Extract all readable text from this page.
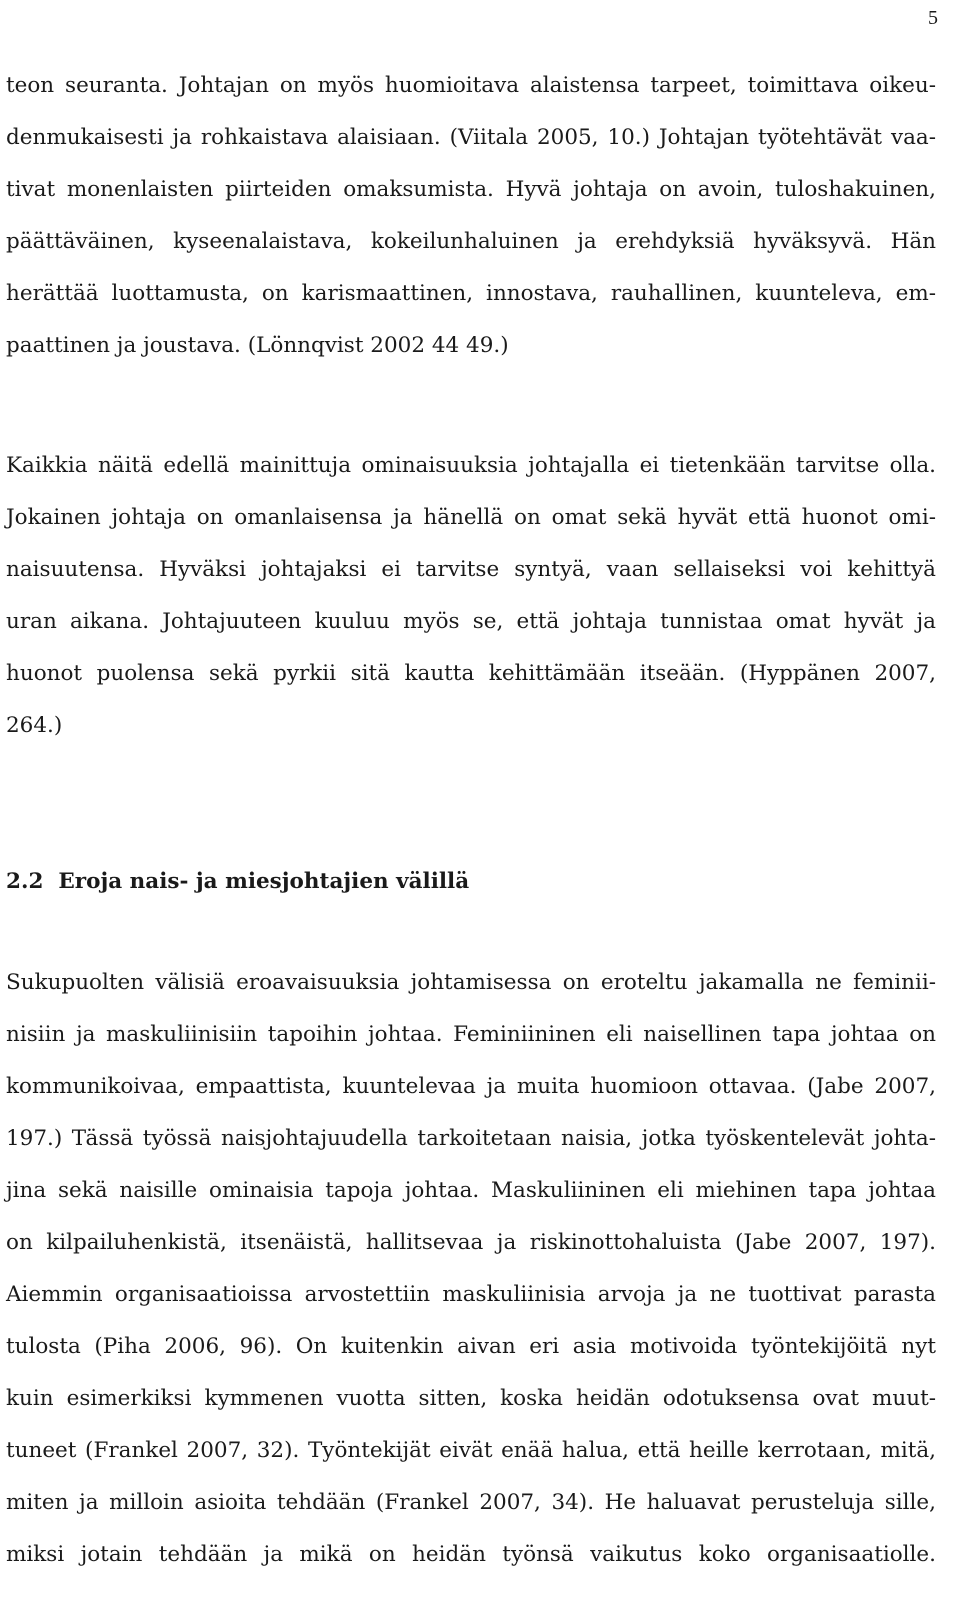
5
teon seuranta. Johtajan on myös huomioitava alaistensa tarpeet, toimittava oikeu-
denmukaisesti ja rohkaistava alaisiaan. (Viitala 2005, 10.) Johtajan työtehtävät vaa-
tivat monenlaisten piirteiden omaksumista. Hyvä johtaja on avoin, tuloshakuinen,
päättäväinen, kyseenalaistava, kokeilunhaluinen ja erehdyksiä hyväksyvä. Hän
herättää luottamusta, on karismaattinen, innostava, rauhallinen, kuunteleva, em-
paattinen ja joustava. (Lönnqvist 2002 44 49.)
Kaikkia näitä edellä mainittuja ominaisuuksia johtajalla ei tietenkään tarvitse olla.
Jokainen johtaja on omanlaisensa ja hänellä on omat sekä hyvät että huonot omi-
naisuutensa. Hyväksi johtajaksi ei tarvitse syntyä, vaan sellaiseksi voi kehittyä
uran aikana. Johtajuuteen kuuluu myös se, että johtaja tunnistaa omat hyvät ja
huonot puolensa sekä pyrkii sitä kautta kehittämään itseään. (Hyppänen 2007,
264.)
2.2 Eroja nais- ja miesjohtajien välillä
Sukupuolten välisiä eroavaisuuksia johtamisessa on eroteltu jakamalla ne feminii-
nisiin ja maskuliinisiin tapoihin johtaa. Feminiininen eli naisellinen tapa johtaa on
kommunikoivaa, empaattista, kuuntelevaa ja muita huomioon ottavaa. (Jabe 2007,
197.) Tässä työssä naisjohtajuudella tarkoitetaan naisia, jotka työskentelevät johta-
jina sekä naisille ominaisia tapoja johtaa. Maskuliininen eli miehinen tapa johtaa
on kilpailuhenkistä, itsenäistä, hallitsevaa ja riskinottohaluista (Jabe 2007, 197).
Aiemmin organisaatioissa arvostettiin maskuliinisia arvoja ja ne tuottivat parasta
tulosta (Piha 2006, 96). On kuitenkin aivan eri asia motivoida työntekijöitä nyt
kuin esimerkiksi kymmenen vuotta sitten, koska heidän odotuksensa ovat muut-
tuneet (Frankel 2007, 32). Työntekijät eivät enää halua, että heille kerrotaan, mitä,
miten ja milloin asioita tehdään (Frankel 2007, 34). He haluavat perusteluja sille,
miksi jotain tehdään ja mikä on heidän työnsä vaikutus koko organisaatiolle.
